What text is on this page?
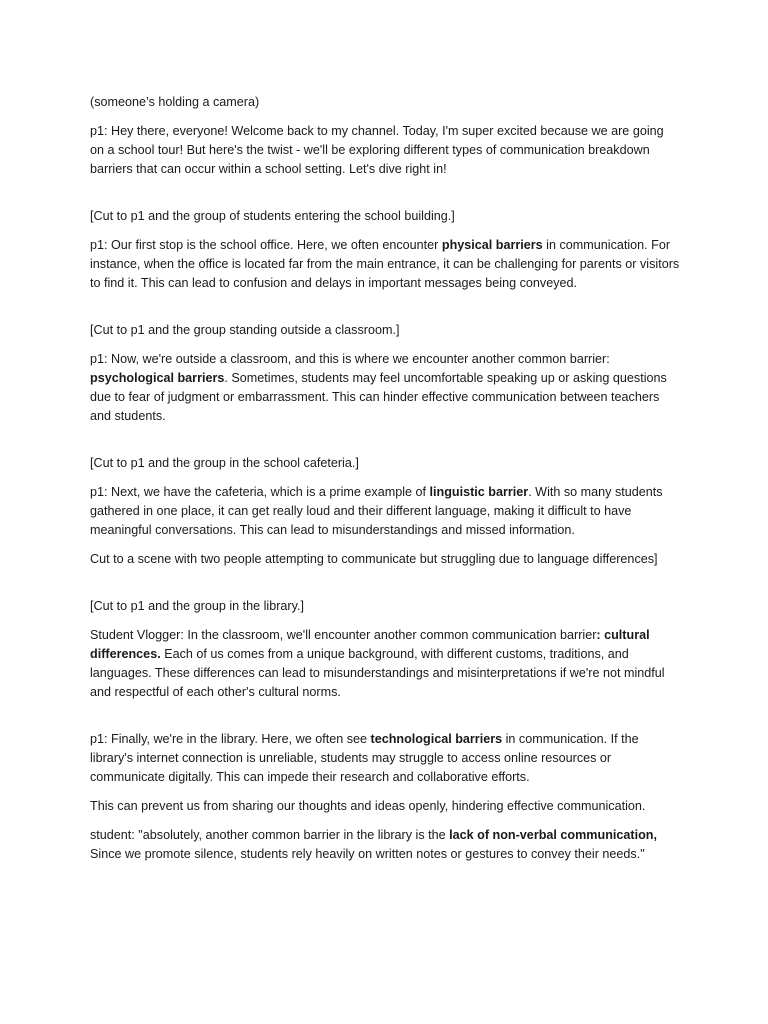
(someone’s holding a camera)

p1: Hey there, everyone! Welcome back to my channel. Today, I'm super excited because we are going on a school tour! But here's the twist - we'll be exploring different types of communication breakdown barriers that can occur within a school setting. Let's dive right in!

[Cut to p1 and the group of students entering the school building.]

p1: Our first stop is the school office. Here, we often encounter physical barriers in communication. For instance, when the office is located far from the main entrance, it can be challenging for parents or visitors to find it. This can lead to confusion and delays in important messages being conveyed.

[Cut to p1 and the group standing outside a classroom.]

p1: Now, we're outside a classroom, and this is where we encounter another common barrier: psychological barriers. Sometimes, students may feel uncomfortable speaking up or asking questions due to fear of judgment or embarrassment. This can hinder effective communication between teachers and students.

[Cut to p1 and the group in the school cafeteria.]

p1: Next, we have the cafeteria, which is a prime example of linguistic barrier. With so many students gathered in one place, it can get really loud and their different language, making it difficult to have meaningful conversations. This can lead to misunderstandings and missed information.

Cut to a scene with two people attempting to communicate but struggling due to language differences]

[Cut to p1 and the group in the library.]

Student Vlogger: In the classroom, we'll encounter another common communication barrier: cultural differences. Each of us comes from a unique background, with different customs, traditions, and languages. These differences can lead to misunderstandings and misinterpretations if we're not mindful and respectful of each other's cultural norms.

p1: Finally, we're in the library. Here, we often see technological barriers in communication. If the library's internet connection is unreliable, students may struggle to access online resources or communicate digitally. This can impede their research and collaborative efforts.

This can prevent us from sharing our thoughts and ideas openly, hindering effective communication.

student: "absolutely, another common barrier in the library is the lack of non-verbal communication, Since we promote silence, students rely heavily on written notes or gestures to convey their needs."
